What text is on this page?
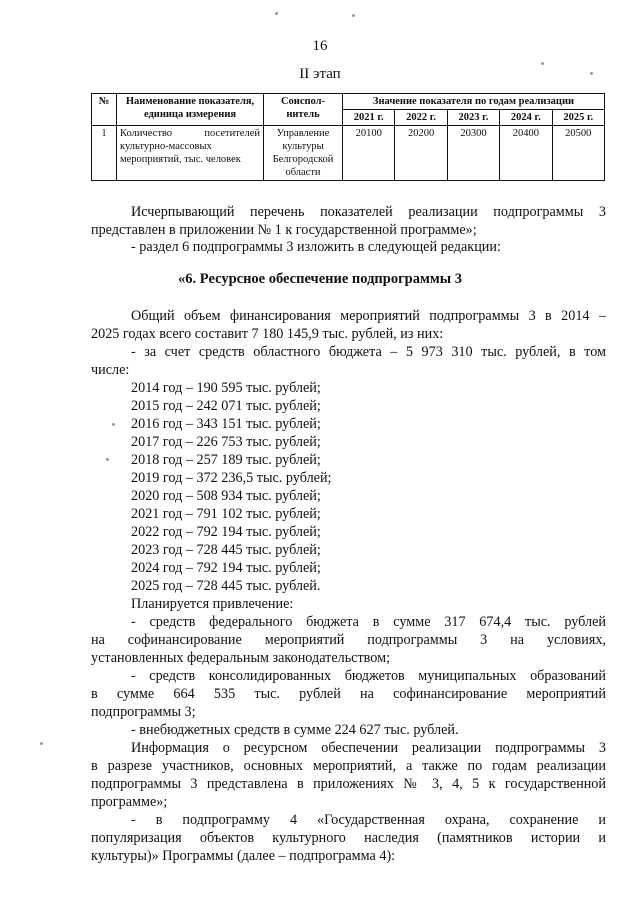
16
II этап
№	Наименование показателя, единица измерения	Соиспол-нитель	Значение показателя по годам реализации				
			2021 г.	2022 г.	2023 г.	2024 г.	2025 г.
1	Количество посетителей культурно-массовых мероприятий, тыс. человек	Управление культуры Белгородской области	20100	20200	20300	20400	20500
Исчерпывающий перечень показателей реализации подпрограммы 3
представлен в приложении № 1 к государственной программе»;
- раздел 6 подпрограммы 3 изложить в следующей редакции:
«6. Ресурсное обеспечение подпрограммы 3
Общий объем финансирования мероприятий подпрограммы 3 в 2014 –
2025 годах всего составит 7 180 145,9 тыс. рублей, из них:
- за счет средств областного бюджета – 5 973 310 тыс. рублей, в том
числе:
2014 год – 190 595 тыс. рублей;
2015 год – 242 071 тыс. рублей;
2016 год – 343 151 тыс. рублей;
2017 год – 226 753 тыс. рублей;
2018 год – 257 189 тыс. рублей;
2019 год – 372 236,5 тыс. рублей;
2020 год – 508 934 тыс. рублей;
2021 год – 791 102 тыс. рублей;
2022 год – 792 194 тыс. рублей;
2023 год – 728 445 тыс. рублей;
2024 год – 792 194 тыс. рублей;
2025 год – 728 445 тыс. рублей.
Планируется привлечение:
- средств федерального бюджета в сумме 317 674,4 тыс. рублей
на софинансирование мероприятий подпрограммы 3 на условиях,
установленных федеральным законодательством;
- средств консолидированных бюджетов муниципальных образований
в сумме 664 535 тыс. рублей на софинансирование мероприятий
подпрограммы 3;
- внебюджетных средств в сумме 224 627 тыс. рублей.
Информация о ресурсном обеспечении реализации подпрограммы 3
в разрезе участников, основных мероприятий, а также по годам реализации
подпрограммы 3 представлена в приложениях № 3, 4, 5 к государственной
программе»;
- в подпрограмму 4 «Государственная охрана, сохранение и
популяризация объектов культурного наследия (памятников истории и
культуры)» Программы (далее – подпрограмма 4):
